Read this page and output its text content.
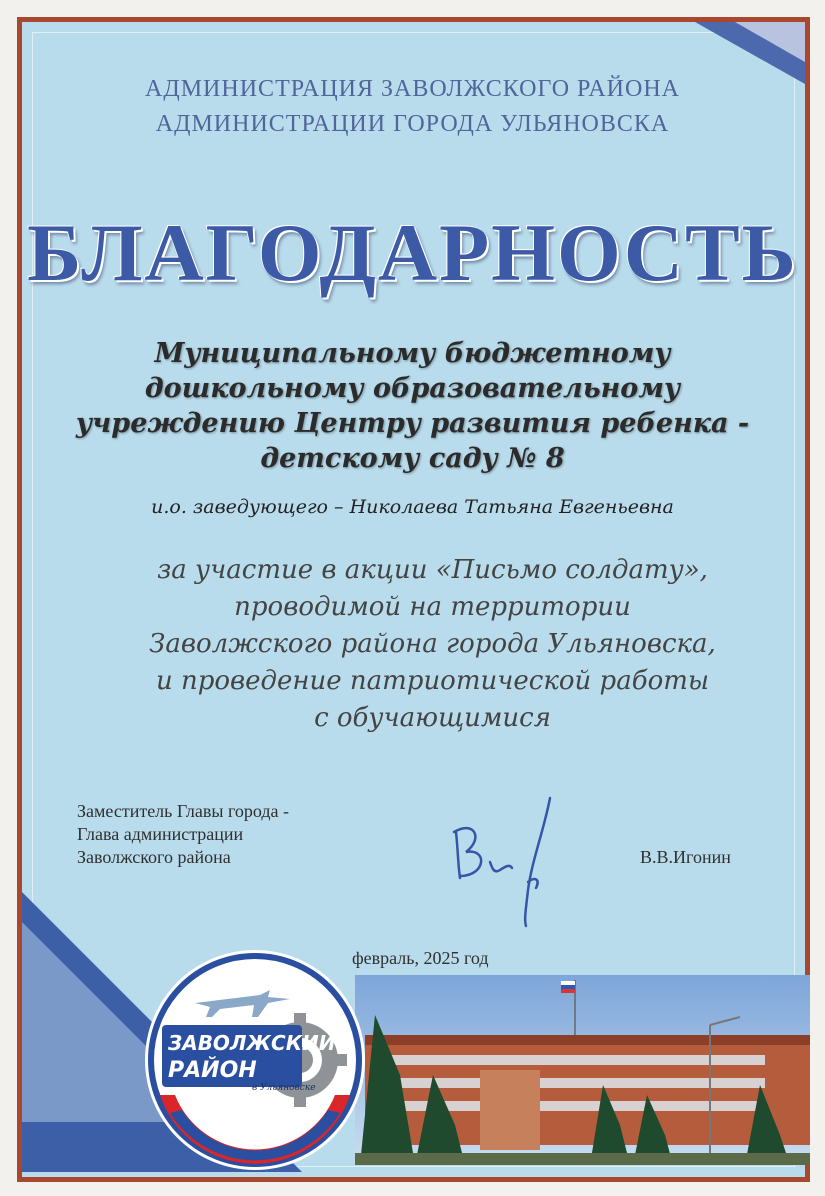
АДМИНИСТРАЦИЯ ЗАВОЛЖСКОГО РАЙОНА
АДМИНИСТРАЦИИ ГОРОДА УЛЬЯНОВСКА
БЛАГОДАРНОСТЬ
Муниципальному бюджетному
дошкольному образовательному
учреждению Центру развития ребенка -
детскому саду № 8
и.о. заведующего – Николаева Татьяна Евгеньевна
за участие в акции «Письмо солдату»,
проводимой на территории
Заволжского района города Ульяновска,
и проведение патриотической работы
с обучающимися
Заместитель Главы города -
Глава администрации
Заволжского района	В.В.Игонин
февраль, 2025 год
ЗАВОЛЖСКИЙ
РАЙОН
в Ульяновске
